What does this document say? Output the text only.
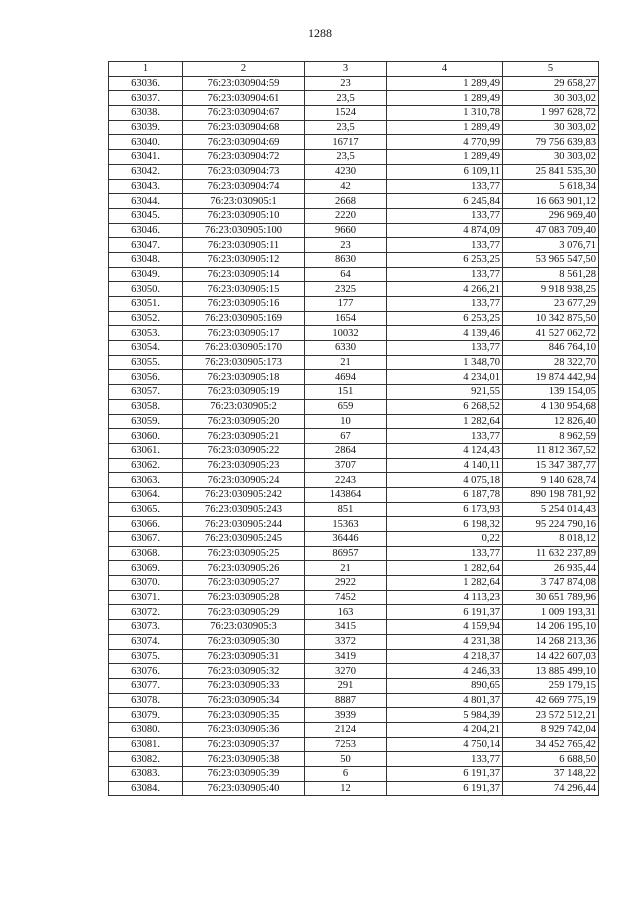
1288
1	2	3	4	5
63036.	76:23:030904:59	23	1 289,49	29 658,27
63037.	76:23:030904:61	23,5	1 289,49	30 303,02
63038.	76:23:030904:67	1524	1 310,78	1 997 628,72
63039.	76:23:030904:68	23,5	1 289,49	30 303,02
63040.	76:23:030904:69	16717	4 770,99	79 756 639,83
63041.	76:23:030904:72	23,5	1 289,49	30 303,02
63042.	76:23:030904:73	4230	6 109,11	25 841 535,30
63043.	76:23:030904:74	42	133,77	5 618,34
63044.	76:23:030905:1	2668	6 245,84	16 663 901,12
63045.	76:23:030905:10	2220	133,77	296 969,40
63046.	76:23:030905:100	9660	4 874,09	47 083 709,40
63047.	76:23:030905:11	23	133,77	3 076,71
63048.	76:23:030905:12	8630	6 253,25	53 965 547,50
63049.	76:23:030905:14	64	133,77	8 561,28
63050.	76:23:030905:15	2325	4 266,21	9 918 938,25
63051.	76:23:030905:16	177	133,77	23 677,29
63052.	76:23:030905:169	1654	6 253,25	10 342 875,50
63053.	76:23:030905:17	10032	4 139,46	41 527 062,72
63054.	76:23:030905:170	6330	133,77	846 764,10
63055.	76:23:030905:173	21	1 348,70	28 322,70
63056.	76:23:030905:18	4694	4 234,01	19 874 442,94
63057.	76:23:030905:19	151	921,55	139 154,05
63058.	76:23:030905:2	659	6 268,52	4 130 954,68
63059.	76:23:030905:20	10	1 282,64	12 826,40
63060.	76:23:030905:21	67	133,77	8 962,59
63061.	76:23:030905:22	2864	4 124,43	11 812 367,52
63062.	76:23:030905:23	3707	4 140,11	15 347 387,77
63063.	76:23:030905:24	2243	4 075,18	9 140 628,74
63064.	76:23:030905:242	143864	6 187,78	890 198 781,92
63065.	76:23:030905:243	851	6 173,93	5 254 014,43
63066.	76:23:030905:244	15363	6 198,32	95 224 790,16
63067.	76:23:030905:245	36446	0,22	8 018,12
63068.	76:23:030905:25	86957	133,77	11 632 237,89
63069.	76:23:030905:26	21	1 282,64	26 935,44
63070.	76:23:030905:27	2922	1 282,64	3 747 874,08
63071.	76:23:030905:28	7452	4 113,23	30 651 789,96
63072.	76:23:030905:29	163	6 191,37	1 009 193,31
63073.	76:23:030905:3	3415	4 159,94	14 206 195,10
63074.	76:23:030905:30	3372	4 231,38	14 268 213,36
63075.	76:23:030905:31	3419	4 218,37	14 422 607,03
63076.	76:23:030905:32	3270	4 246,33	13 885 499,10
63077.	76:23:030905:33	291	890,65	259 179,15
63078.	76:23:030905:34	8887	4 801,37	42 669 775,19
63079.	76:23:030905:35	3939	5 984,39	23 572 512,21
63080.	76:23:030905:36	2124	4 204,21	8 929 742,04
63081.	76:23:030905:37	7253	4 750,14	34 452 765,42
63082.	76:23:030905:38	50	133,77	6 688,50
63083.	76:23:030905:39	6	6 191,37	37 148,22
63084.	76:23:030905:40	12	6 191,37	74 296,44
